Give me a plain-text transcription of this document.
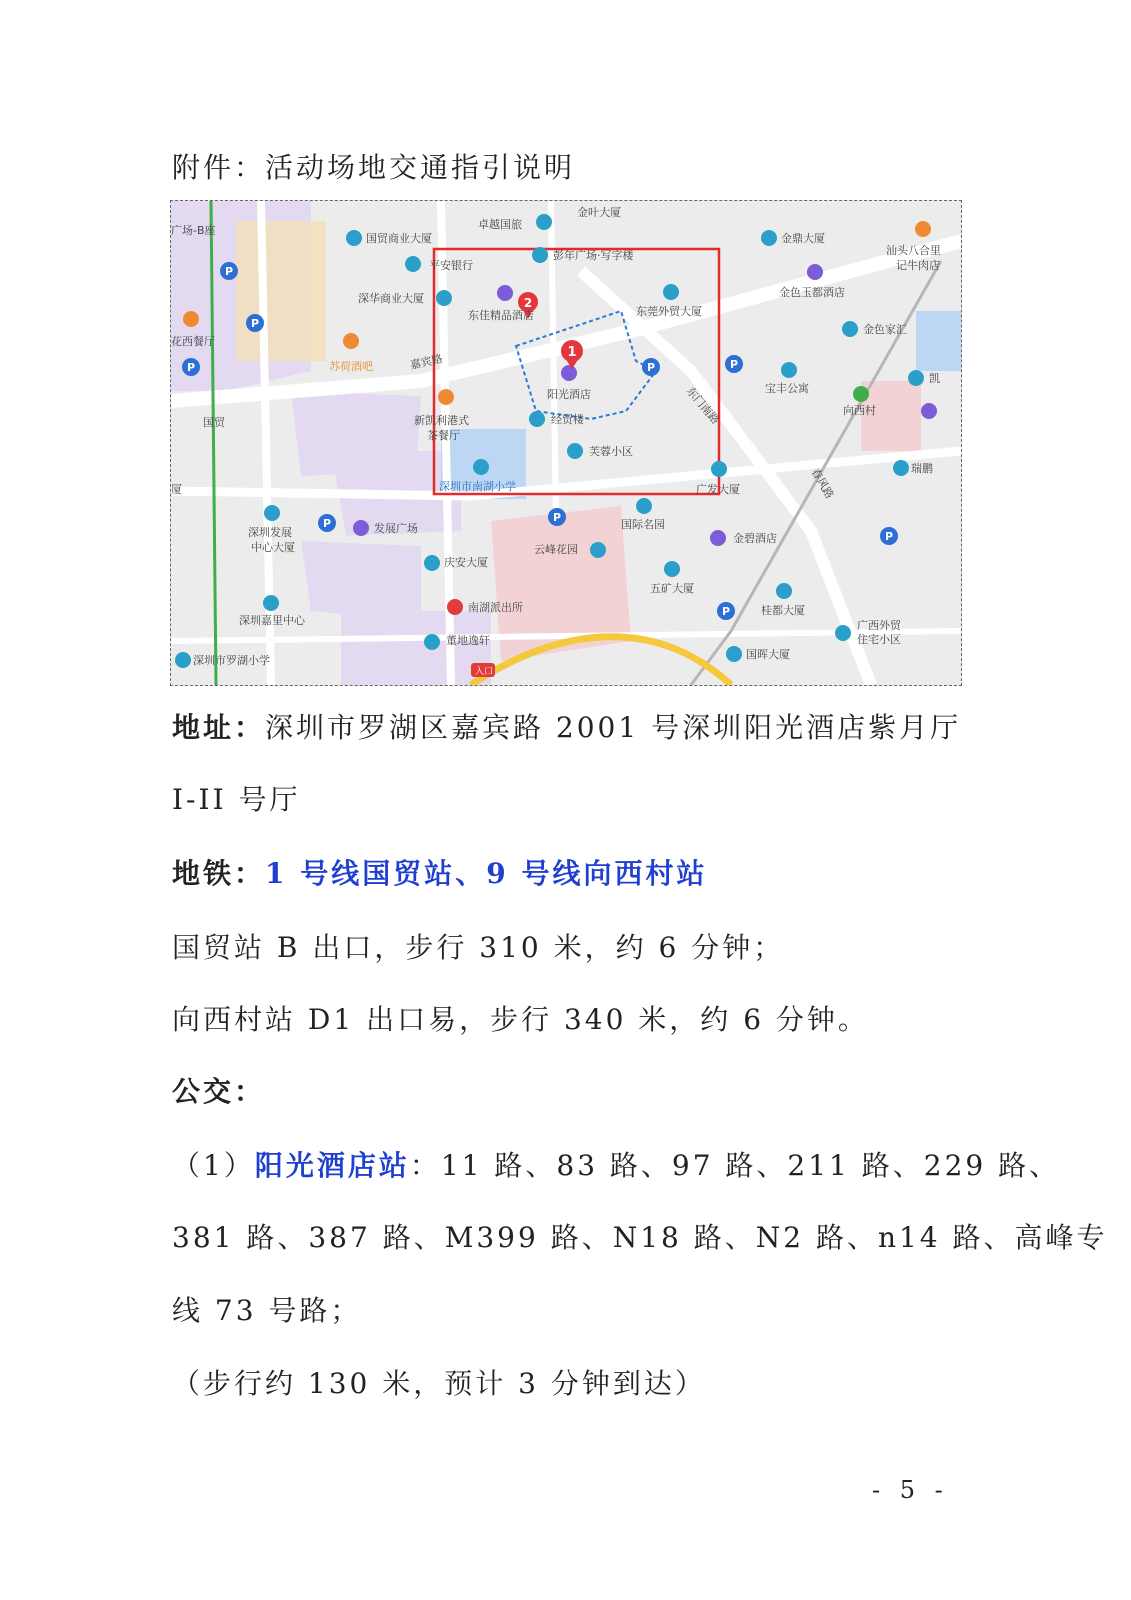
附件：活动场地交通指引说明
P
P
P	P
P	P
P
P
P
1
2
卓越国旅
金叶大厦
国贸商业大厦
彭年广场·写字楼
金鼎大厦
汕头八合里
记牛肉店
广场-B座
平安银行
金色玉都酒店
深华商业大厦
东佳精品酒店	东莞外贸大厦
花西餐厅
金色家汇
苏荷酒吧	嘉宾路
阳光酒店	宝丰公寓
凯
东门南路	向西村
国贸	新凯利港式
茶餐厅
经贸楼
芙蓉小区
瑞鹏
春风路
深圳市南湖小学	广发大厦
深圳发展
中心大厦
发展广场	国际名园
金碧酒店
庆安大厦
云峰花园
五矿大厦
深圳嘉里中心
南湖派出所	桂都大厦
广西外贸
住宅小区
董地逸轩
深圳市罗湖小学	国晖大厦
入口
厦
地址：深圳市罗湖区嘉宾路 2001 号深圳阳光酒店紫月厅
I-II 号厅
地铁：1 号线国贸站、9 号线向西村站
国贸站 B 出口，步行 310 米，约 6 分钟；
向西村站 D1 出口易，步行 340 米，约 6 分钟。
公交：
（1）阳光酒店站：11 路、83 路、97 路、211 路、229 路、
381 路、387 路、M399 路、N18 路、N2 路、n14 路、高峰专
线 73 号路；
（步行约 130 米，预计 3 分钟到达）
- 5 -
